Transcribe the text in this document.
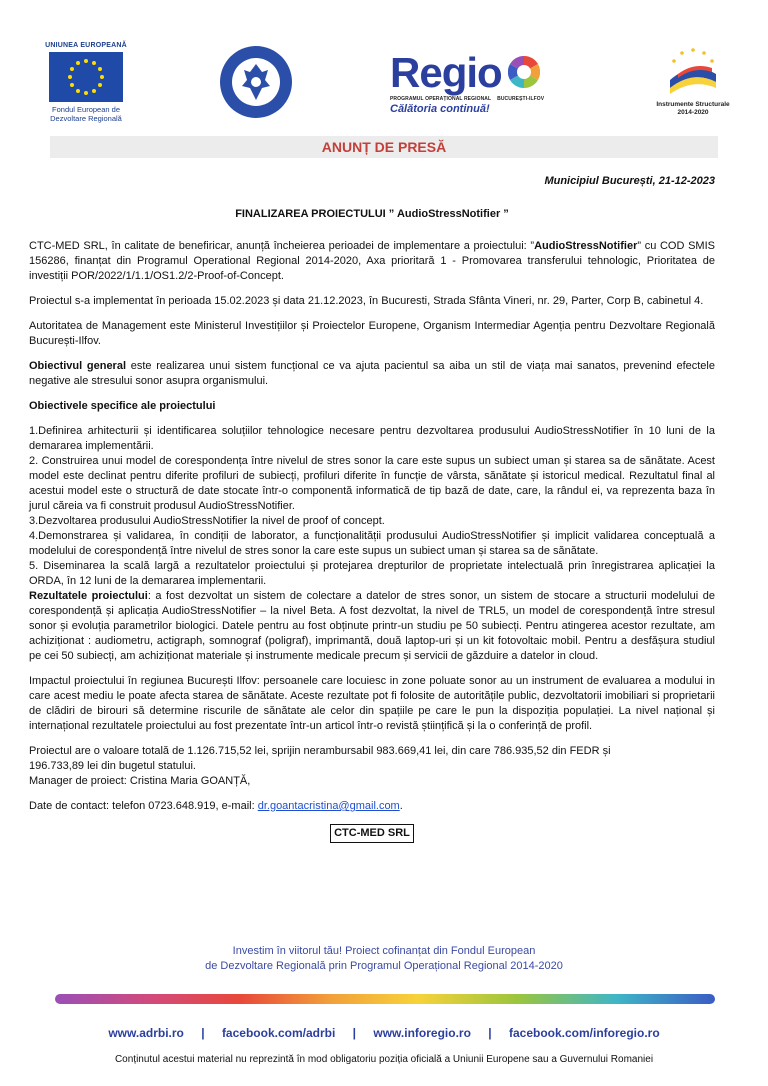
UNIUNEA EUROPEANĂ
Fondul European de
Dezvoltare Regională
Regio
PROGRAMUL OPERAȚIONAL REGIONAL BUCUREȘTI-ILFOV
Călătoria continuă!	Instrumente Structurale
2014-2020
ANUNȚ DE PRESĂ

Municipiul București, 21-12-2023

FINALIZAREA PROIECTULUI ” AudioStressNotifier ”

CTC-MED SRL, în calitate de benefiricar, anunță încheierea perioadei de implementare a proiectului: ”AudioStressNotifier” cu COD SMIS 156286, finanțat din Programul Operational Regional 2014-2020, Axa prioritară 1 - Promovarea transferului tehnologic, Prioritatea de investiții POR/2022/1/1.1/OS1.2/2-Proof-of-Concept.

Proiectul s-a implementat în perioada 15.02.2023 și data 21.12.2023, în Bucuresti, Strada Sfânta Vineri, nr. 29, Parter, Corp B, cabinetul 4.

Autoritatea de Management este Ministerul Investițiilor și Proiectelor Europene, Organism Intermediar Agenția pentru Dezvoltare Regională București-Ilfov.

Obiectivul general este realizarea unui sistem funcțional ce va ajuta pacientul sa aiba un stil de viața mai sanatos, prevenind efectele negative ale stresului sonor asupra organismului.

Obiectivele specifice ale proiectului

1.Definirea arhitecturii și identificarea soluțiilor tehnologice necesare pentru dezvoltarea produsului AudioStressNotifier în 10 luni de la demararea implementării.

2. Construirea unui model de corespondența între nivelul de stres sonor la care este supus un subiect uman și starea sa de sănătate. Acest model este declinat pentru diferite profiluri de subiecți, profiluri diferite în funcție de vârsta, sănătate și istoricul medical. Rezultatul final al acestui model este o structură de date stocate într-o componentă informatică de tip bază de date, care, la rândul ei, va reprezenta baza în jurul căreia va fi construit produsul AudioStressNotifier.

3.Dezvoltarea produsului AudioStressNotifier la nivel de proof of concept.

4.Demonstrarea și validarea, în condiții de laborator, a funcționalității produsului AudioStressNotifier și implicit validarea conceptuală a modelului de corespondență între nivelul de stres sonor la care este supus un subiect uman și starea sa de sănătate.

5. Diseminarea la scală largă a rezultatelor proiectului și protejarea drepturilor de proprietate intelectuală prin înregistrarea aplicației la ORDA, în 12 luni de la demararea implementarii.

Rezultatele proiectului: a fost dezvoltat un sistem de colectare a datelor de stres sonor, un sistem de stocare a structurii modelului de corespondență și aplicația AudioStressNotifier – la nivel Beta. A fost dezvoltat, la nivel de TRL5, un model de corespondență între stresul sonor și evoluția parametrilor biologici. Datele pentru au fost obținute printr-un studiu pe 50 subiecți. Pentru atingerea acestor rezultate, am achiziționat : audiometru, actigraph, somnograf (poligraf), imprimantă, două laptop-uri și un kit fotovoltaic mobil. Pentru a desfășura studiul pe cei 50 subiecți, am achiziționat materiale și instrumente medicale precum și servicii de găzduire a datelor in cloud.

Impactul proiectului în regiunea București Ilfov: persoanele care locuiesc in zone poluate sonor au un instrument de evaluarea a modului in care acest mediu le poate afecta starea de sănătate. Aceste rezultate pot fi folosite de autoritățile public, dezvoltatorii imobiliari si proprietarii de clădiri de birouri să determine riscurile de sănătate ale celor din spațiile pe care le pun la dispoziția populației. La nivel național și internațional rezultatele proiectului au fost prezentate într-un articol într-o revistă științifică și la o conferință de profil.

Proiectul are o valoare totală de 1.126.715,52 lei, sprijin nerambursabil 983.669,41 lei, din care 786.935,52 din FEDR și

196.733,89 lei din bugetul statului.

Manager de proiect: Cristina Maria GOANȚĂ,

Date de contact: telefon 0723.648.919, e-mail: dr.goantacristina@gmail.com.

CTC-MED SRL
Investim în viitorul tău! Proiect cofinanțat din Fondul European
de Dezvoltare Regională prin Programul Operațional Regional 2014-2020
www.adrbi.ro | facebook.com/adrbi | www.inforegio.ro | facebook.com/inforegio.ro
Conținutul acestui material nu reprezintă în mod obligatoriu poziția oficială a Uniunii Europene sau a Guvernului Romaniei
